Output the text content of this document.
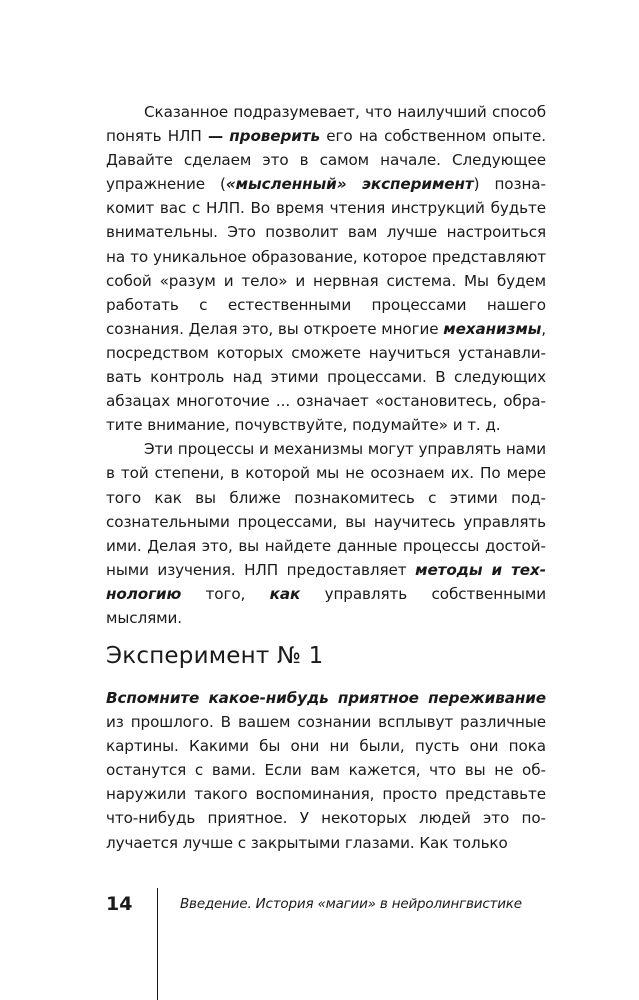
Сказанное подразумевает, что наилучший способ понять НЛП — проверить его на собственном опыте. Давайте сделаем это в самом начале. Следующее упражнение («мысленный» эксперимент) познакомит вас с НЛП. Во время чтения инструкций будьте внимательны. Это позволит вам лучше настроиться на то уникальное образование, которое представляют собой «разум и тело» и нервная система. Мы будем работать с естественными процессами нашего сознания. Делая это, вы откроете многие механизмы, посредством которых сможете научиться устанавливать контроль над этими процессами. В следующих абзацах многоточие ... означает «остановитесь, обратите внимание, почувствуйте, подумайте» и т. д.

Эти процессы и механизмы могут управлять нами в той степени, в которой мы не осознаем их. По мере того как вы ближе познакомитесь с этими подсознательными процессами, вы научитесь управлять ими. Делая это, вы найдете данные процессы достойными изучения. НЛП предоставляет методы и технологию того, как управлять собственными мыслями.

Эксперимент № 1

Вспомните какое-нибудь приятное переживание из прошлого. В вашем сознании всплывут различные картины. Какими бы они ни были, пусть они пока останутся с вами. Если вам кажется, что вы не обнаружили такого воспоминания, просто представьте что-нибудь приятное. У некоторых людей это получается лучше с закрытыми глазами. Как только

14	Введение. История «магии» в нейролингвистике
